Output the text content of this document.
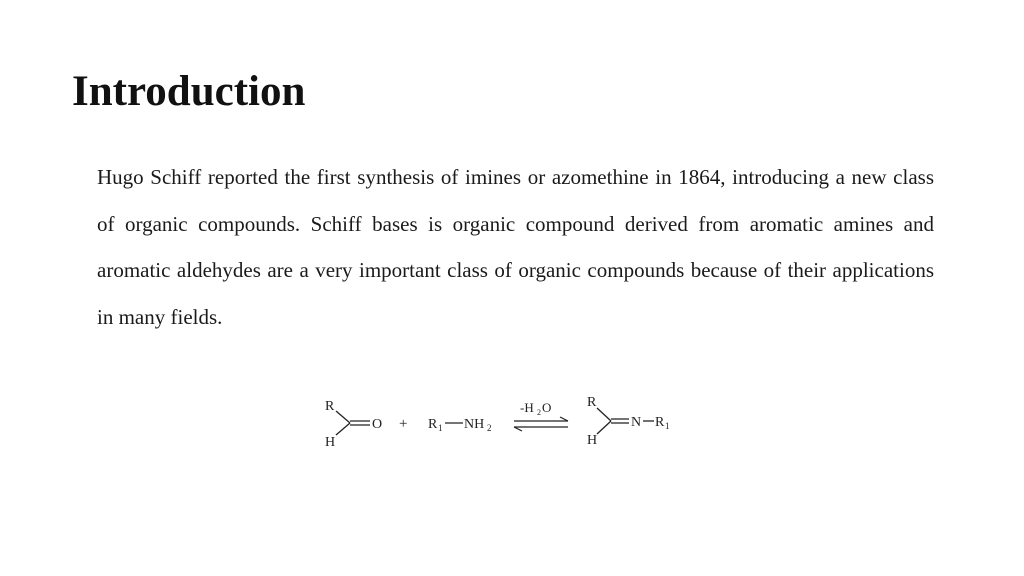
Introduction

Hugo Schiff reported the first synthesis of imines or azomethine in 1864, introducing a new class of organic compounds. Schiff bases is organic compound derived from aromatic amines and aromatic aldehydes are a very important class of organic compounds because of their applications in many fields.

R
H
O + R 1 NH 2
-H 2 O	R
H
N R 1
